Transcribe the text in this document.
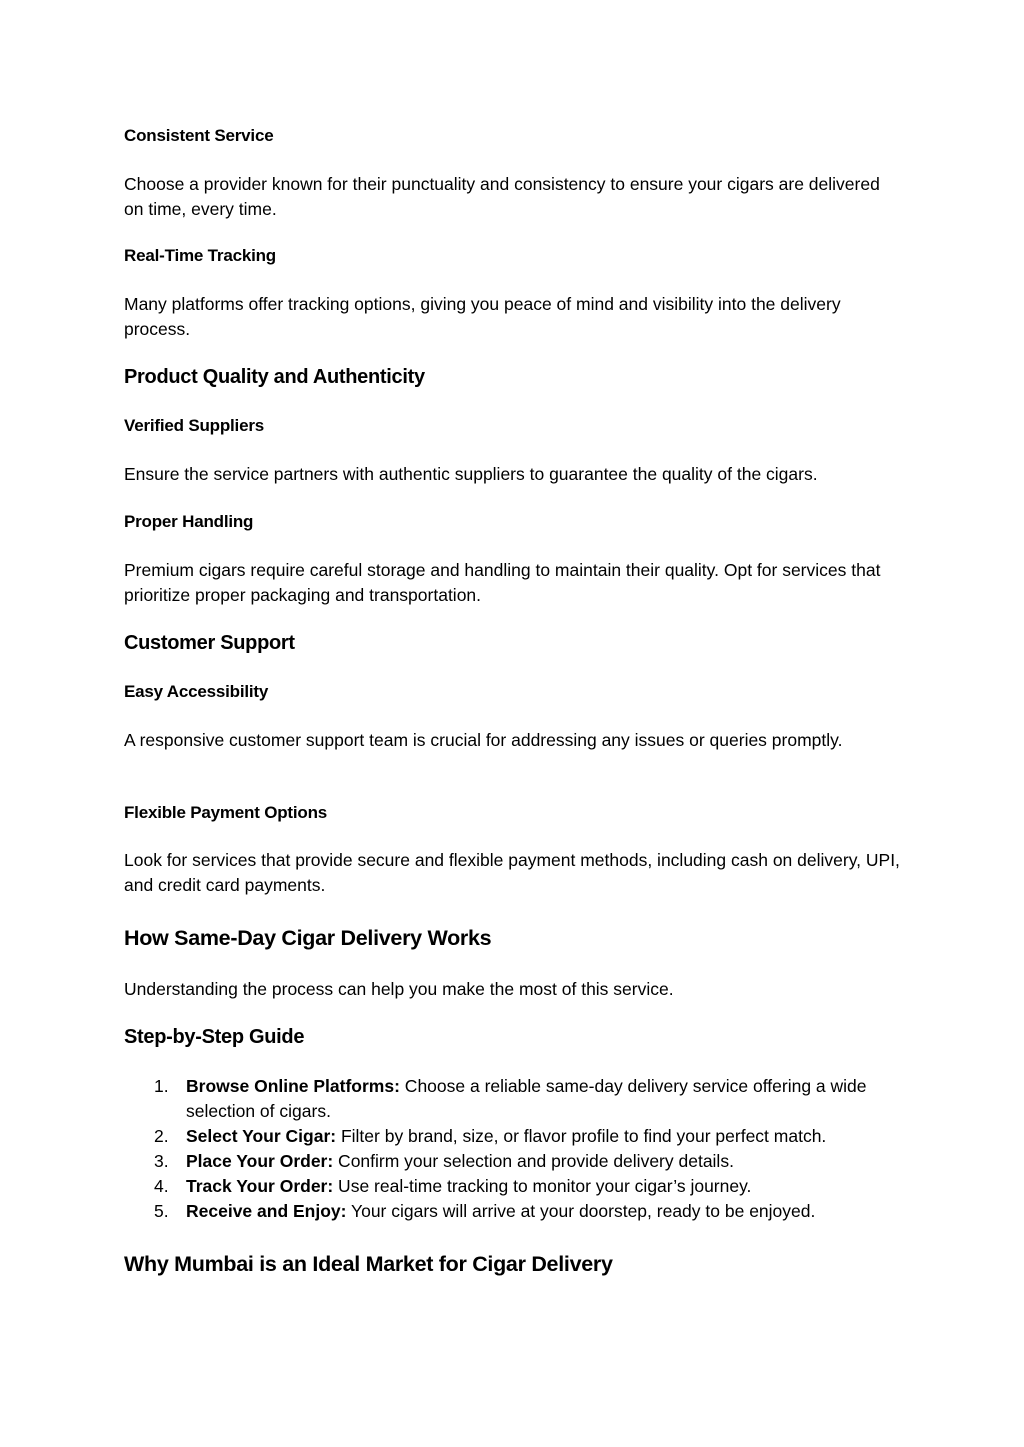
Consistent Service

Choose a provider known for their punctuality and consistency to ensure your cigars are delivered on time, every time.

Real-Time Tracking

Many platforms offer tracking options, giving you peace of mind and visibility into the delivery process.

Product Quality and Authenticity
Verified Suppliers

Ensure the service partners with authentic suppliers to guarantee the quality of the cigars.

Proper Handling

Premium cigars require careful storage and handling to maintain their quality. Opt for services that prioritize proper packaging and transportation.

Customer Support
Easy Accessibility

A responsive customer support team is crucial for addressing any issues or queries promptly.

Flexible Payment Options

Look for services that provide secure and flexible payment methods, including cash on delivery, UPI, and credit card payments.

How Same-Day Cigar Delivery Works

Understanding the process can help you make the most of this service.

Step-by-Step Guide
1. Browse Online Platforms: Choose a reliable same-day delivery service offering a wide selection of cigars.
2. Select Your Cigar: Filter by brand, size, or flavor profile to find your perfect match.
3. Place Your Order: Confirm your selection and provide delivery details.
4. Track Your Order: Use real-time tracking to monitor your cigar’s journey.
5. Receive and Enjoy: Your cigars will arrive at your doorstep, ready to be enjoyed.
Why Mumbai is an Ideal Market for Cigar Delivery
